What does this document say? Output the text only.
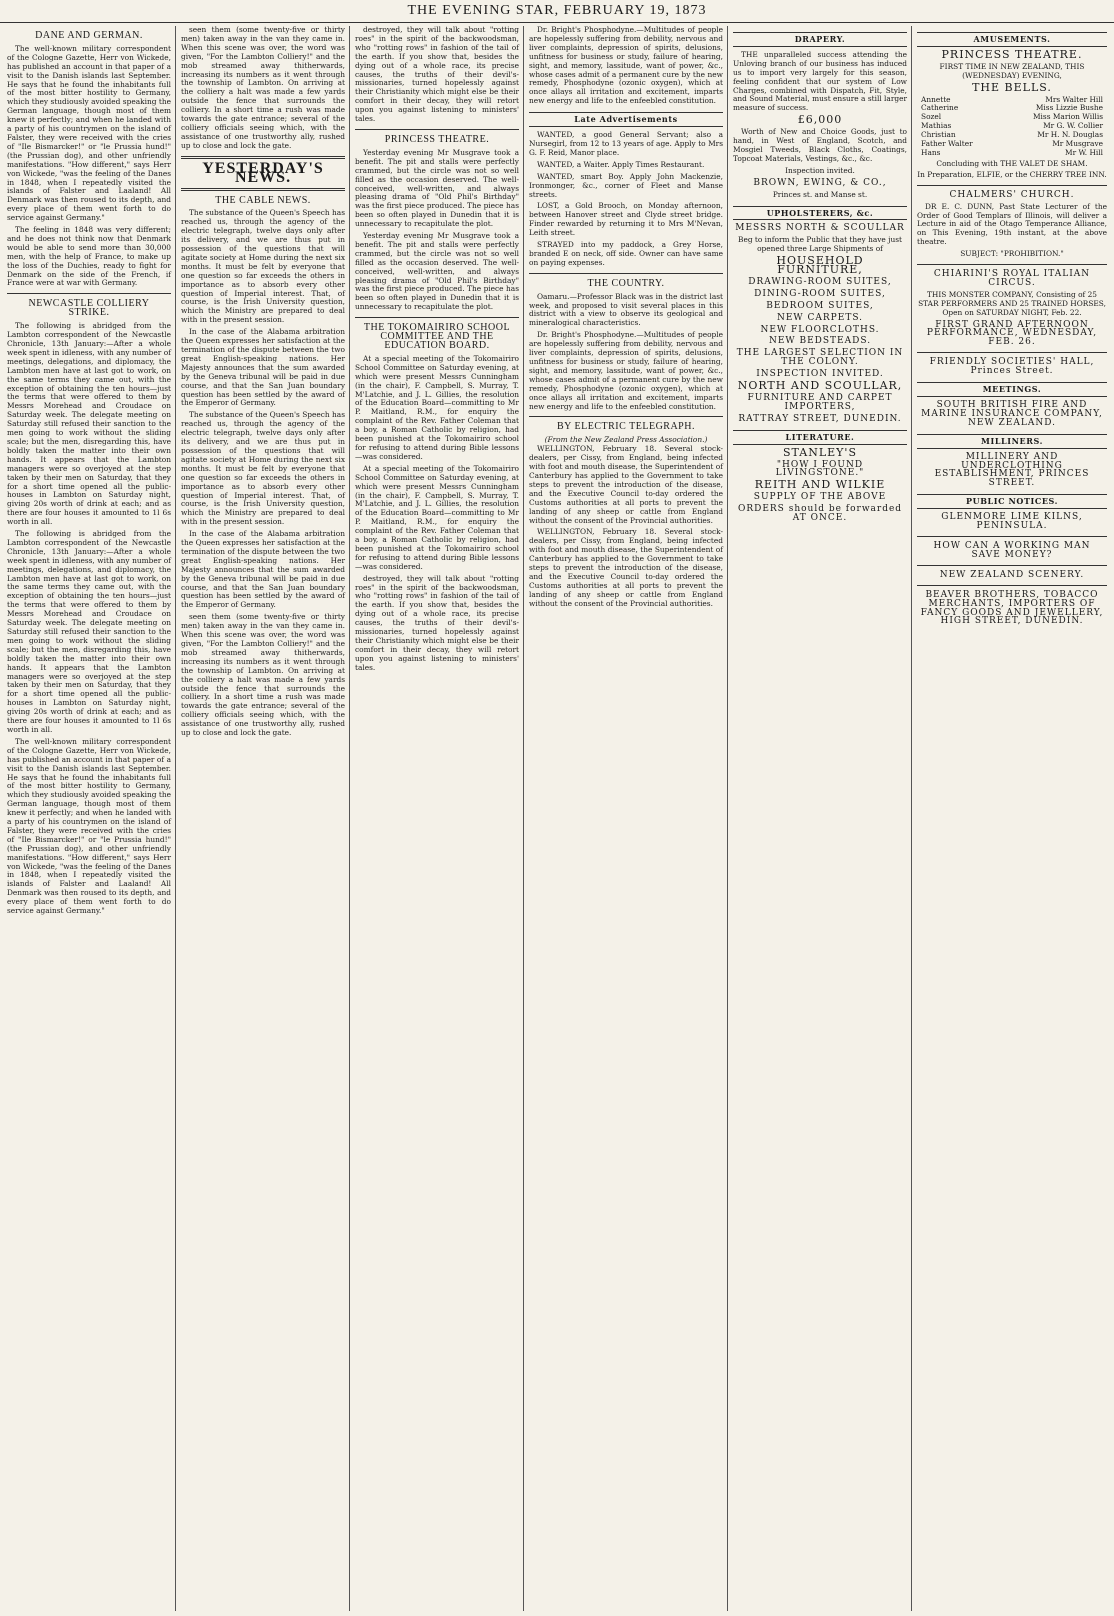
THE EVENING STAR, FEBRUARY 19, 1873
DANE AND GERMAN.

The well-known military correspondent of the Cologne Gazette, Herr von Wickede, has published an account in that paper of a visit to the Danish islands last September. He says that he found the inhabitants full of the most bitter hostility to Germany, which they studiously avoided speaking the German language, though most of them knew it perfectly; and when he landed with a party of his countrymen on the island of Falster, they were received with the cries of "Ile Bismarcker!" or "le Prussia hund!" (the Prussian dog), and other unfriendly manifestations. "How different," says Herr von Wickede, "was the feeling of the Danes in 1848, when I repeatedly visited the islands of Falster and Laaland! All Denmark was then roused to its depth, and every place of them went forth to do service against Germany."

The feeling in 1848 was very different; and he does not think now that Denmark would be able to send more than 30,000 men, with the help of France, to make up the loss of the Duchies, ready to fight for Denmark on the side of the French, if France were at war with Germany.

NEWCASTLE COLLIERY STRIKE.

The following is abridged from the Lambton correspondent of the Newcastle Chronicle, 13th January:—After a whole week spent in idleness, with any number of meetings, delegations, and diplomacy, the Lambton men have at last got to work, on the same terms they came out, with the exception of obtaining the ten hours—just the terms that were offered to them by Messrs Morehead and Croudace on Saturday week. The delegate meeting on Saturday still refused their sanction to the men going to work without the sliding scale; but the men, disregarding this, have boldly taken the matter into their own hands. It appears that the Lambton managers were so overjoyed at the step taken by their men on Saturday, that they for a short time opened all the public-houses in Lambton on Saturday night, giving 20s worth of drink at each; and as there are four houses it amounted to 1l 6s worth in all.

The following is abridged from the Lambton correspondent of the Newcastle Chronicle, 13th January:—After a whole week spent in idleness, with any number of meetings, delegations, and diplomacy, the Lambton men have at last got to work, on the same terms they came out, with the exception of obtaining the ten hours—just the terms that were offered to them by Messrs Morehead and Croudace on Saturday week. The delegate meeting on Saturday still refused their sanction to the men going to work without the sliding scale; but the men, disregarding this, have boldly taken the matter into their own hands. It appears that the Lambton managers were so overjoyed at the step taken by their men on Saturday, that they for a short time opened all the public-houses in Lambton on Saturday night, giving 20s worth of drink at each; and as there are four houses it amounted to 1l 6s worth in all.

The well-known military correspondent of the Cologne Gazette, Herr von Wickede, has published an account in that paper of a visit to the Danish islands last September. He says that he found the inhabitants full of the most bitter hostility to Germany, which they studiously avoided speaking the German language, though most of them knew it perfectly; and when he landed with a party of his countrymen on the island of Falster, they were received with the cries of "Ile Bismarcker!" or "le Prussia hund!" (the Prussian dog), and other unfriendly manifestations. "How different," says Herr von Wickede, "was the feeling of the Danes in 1848, when I repeatedly visited the islands of Falster and Laaland! All Denmark was then roused to its depth, and every place of them went forth to do service against Germany."

seen them (some twenty-five or thirty men) taken away in the van they came in. When this scene was over, the word was given, "For the Lambton Colliery!" and the mob streamed away thitherwards, increasing its numbers as it went through the township of Lambton. On arriving at the colliery a halt was made a few yards outside the fence that surrounds the colliery. In a short time a rush was made towards the gate entrance; several of the colliery officials seeing which, with the assistance of one trustworthy ally, rushed up to close and lock the gate.

YESTERDAY'S NEWS.
THE CABLE NEWS.

The substance of the Queen's Speech has reached us, through the agency of the electric telegraph, twelve days only after its delivery, and we are thus put in possession of the questions that will agitate society at Home during the next six months. It must be felt by everyone that one question so far exceeds the others in importance as to absorb every other question of Imperial interest. That, of course, is the Irish University question, which the Ministry are prepared to deal with in the present session.

In the case of the Alabama arbitration the Queen expresses her satisfaction at the termination of the dispute between the two great English-speaking nations. Her Majesty announces that the sum awarded by the Geneva tribunal will be paid in due course, and that the San Juan boundary question has been settled by the award of the Emperor of Germany.

The substance of the Queen's Speech has reached us, through the agency of the electric telegraph, twelve days only after its delivery, and we are thus put in possession of the questions that will agitate society at Home during the next six months. It must be felt by everyone that one question so far exceeds the others in importance as to absorb every other question of Imperial interest. That, of course, is the Irish University question, which the Ministry are prepared to deal with in the present session.

In the case of the Alabama arbitration the Queen expresses her satisfaction at the termination of the dispute between the two great English-speaking nations. Her Majesty announces that the sum awarded by the Geneva tribunal will be paid in due course, and that the San Juan boundary question has been settled by the award of the Emperor of Germany.

seen them (some twenty-five or thirty men) taken away in the van they came in. When this scene was over, the word was given, "For the Lambton Colliery!" and the mob streamed away thitherwards, increasing its numbers as it went through the township of Lambton. On arriving at the colliery a halt was made a few yards outside the fence that surrounds the colliery. In a short time a rush was made towards the gate entrance; several of the colliery officials seeing which, with the assistance of one trustworthy ally, rushed up to close and lock the gate.

destroyed, they will talk about "rotting roes" in the spirit of the backwoodsman, who "rotting rows" in fashion of the tail of the earth. If you show that, besides the dying out of a whole race, its precise causes, the truths of their devil's-missionaries, turned hopelessly against their Christianity which might else be their comfort in their decay, they will retort upon you against listening to ministers' tales.

PRINCESS THEATRE.

Yesterday evening Mr Musgrave took a benefit. The pit and stalls were perfectly crammed, but the circle was not so well filled as the occasion deserved. The well-conceived, well-written, and always pleasing drama of "Old Phil's Birthday" was the first piece produced. The piece has been so often played in Dunedin that it is unnecessary to recapitulate the plot.

Yesterday evening Mr Musgrave took a benefit. The pit and stalls were perfectly crammed, but the circle was not so well filled as the occasion deserved. The well-conceived, well-written, and always pleasing drama of "Old Phil's Birthday" was the first piece produced. The piece has been so often played in Dunedin that it is unnecessary to recapitulate the plot.

THE TOKOMAIRIRO SCHOOL COMMITTEE AND THE EDUCATION BOARD.

At a special meeting of the Tokomairiro School Committee on Saturday evening, at which were present Messrs Cunningham (in the chair), F. Campbell, S. Murray, T. M'Latchie, and J. L. Gillies, the resolution of the Education Board—committing to Mr P. Maitland, R.M., for enquiry the complaint of the Rev. Father Coleman that a boy, a Roman Catholic by religion, had been punished at the Tokomairiro school for refusing to attend during Bible lessons—was considered.

At a special meeting of the Tokomairiro School Committee on Saturday evening, at which were present Messrs Cunningham (in the chair), F. Campbell, S. Murray, T. M'Latchie, and J. L. Gillies, the resolution of the Education Board—committing to Mr P. Maitland, R.M., for enquiry the complaint of the Rev. Father Coleman that a boy, a Roman Catholic by religion, had been punished at the Tokomairiro school for refusing to attend during Bible lessons—was considered.

destroyed, they will talk about "rotting roes" in the spirit of the backwoodsman, who "rotting rows" in fashion of the tail of the earth. If you show that, besides the dying out of a whole race, its precise causes, the truths of their devil's-missionaries, turned hopelessly against their Christianity which might else be their comfort in their decay, they will retort upon you against listening to ministers' tales.

Dr. Bright's Phosphodyne.—Multitudes of people are hopelessly suffering from debility, nervous and liver complaints, depression of spirits, delusions, unfitness for business or study, failure of hearing, sight, and memory, lassitude, want of power, &c., whose cases admit of a permanent cure by the new remedy, Phosphodyne (ozonic oxygen), which at once allays all irritation and excitement, imparts new energy and life to the enfeebled constitution.

Late Advertisements

WANTED, a good General Servant; also a Nursegirl, from 12 to 13 years of age. Apply to Mrs G. F. Reid, Manor place.

WANTED, a Waiter. Apply Times Restaurant.

WANTED, smart Boy. Apply John Mackenzie, Ironmonger, &c., corner of Fleet and Manse streets.

LOST, a Gold Brooch, on Monday afternoon, between Hanover street and Clyde street bridge. Finder rewarded by returning it to Mrs M'Nevan, Leith street.

STRAYED into my paddock, a Grey Horse, branded E on neck, off side. Owner can have same on paying expenses.

THE COUNTRY.

Oamaru.—Professor Black was in the district last week, and proposed to visit several places in this district with a view to observe its geological and mineralogical characteristics.

Dr. Bright's Phosphodyne.—Multitudes of people are hopelessly suffering from debility, nervous and liver complaints, depression of spirits, delusions, unfitness for business or study, failure of hearing, sight, and memory, lassitude, want of power, &c., whose cases admit of a permanent cure by the new remedy, Phosphodyne (ozonic oxygen), which at once allays all irritation and excitement, imparts new energy and life to the enfeebled constitution.

BY ELECTRIC TELEGRAPH.
(From the New Zealand Press Association.)

WELLINGTON, February 18. Several stock-dealers, per Cissy, from England, being infected with foot and mouth disease, the Superintendent of Canterbury has applied to the Government to take steps to prevent the introduction of the disease, and the Executive Council to-day ordered the Customs authorities at all ports to prevent the landing of any sheep or cattle from England without the consent of the Provincial authorities.

WELLINGTON, February 18. Several stock-dealers, per Cissy, from England, being infected with foot and mouth disease, the Superintendent of Canterbury has applied to the Government to take steps to prevent the introduction of the disease, and the Executive Council to-day ordered the Customs authorities at all ports to prevent the landing of any sheep or cattle from England without the consent of the Provincial authorities.

DRAPERY.

THE unparalleled success attending the Unloving branch of our business has induced us to import very largely for this season, feeling confident that our system of Low Charges, combined with Dispatch, Fit, Style, and Sound Material, must ensure a still larger measure of success.

£6,000

Worth of New and Choice Goods, just to hand, in West of England, Scotch, and Mosgiel Tweeds, Black Cloths, Coatings, Topcoat Materials, Vestings, &c., &c.

Inspection invited.
BROWN, EWING, & CO.,
Princes st. and Manse st.
UPHOLSTERERS, &c.
MESSRS NORTH & SCOULLAR
Beg to inform the Public that they have just opened three Large Shipments of
HOUSEHOLD FURNITURE,
DRAWING-ROOM SUITES,
DINING-ROOM SUITES,
BEDROOM SUITES,
NEW CARPETS.
NEW FLOORCLOTHS.
NEW BEDSTEADS.
THE LARGEST SELECTION IN THE COLONY.
INSPECTION INVITED.
NORTH AND SCOULLAR,
FURNITURE AND CARPET IMPORTERS,
RATTRAY STREET, DUNEDIN.
LITERATURE.
STANLEY'S
"HOW I FOUND LIVINGSTONE."
REITH AND WILKIE
SUPPLY OF THE ABOVE
ORDERS should be forwarded AT ONCE.
AMUSEMENTS.
PRINCESS THEATRE.
FIRST TIME IN NEW ZEALAND, THIS (WEDNESDAY) EVENING,
THE BELLS.
Annette	Mrs Walter Hill
Catherine	Miss Lizzie Bushe
Sozel	Miss Marion Willis
Mathias	Mr G. W. Collier
Christian	Mr H. N. Douglas
Father Walter	Mr Musgrave
Hans	Mr W. Hill
Concluding with THE VALET DE SHAM.
In Preparation, ELFIE, or the CHERRY TREE INN.
CHALMERS' CHURCH.

DR E. C. DUNN, Past State Lecturer of the Order of Good Templars of Illinois, will deliver a Lecture in aid of the Otago Temperance Alliance, on This Evening, 19th instant, at the above theatre.

SUBJECT: "PROHIBITION."
CHIARINI'S ROYAL ITALIAN CIRCUS.
THIS MONSTER COMPANY, Consisting of 25 STAR PERFORMERS AND 25 TRAINED HORSES, Open on SATURDAY NIGHT, Feb. 22.
FIRST GRAND AFTERNOON PERFORMANCE, WEDNESDAY, FEB. 26.
FRIENDLY SOCIETIES' HALL, Princes Street.
MEETINGS.
SOUTH BRITISH FIRE AND MARINE INSURANCE COMPANY, NEW ZEALAND.
MILLINERS.
MILLINERY AND UNDERCLOTHING ESTABLISHMENT, PRINCES STREET.
PUBLIC NOTICES.
GLENMORE LIME KILNS, PENINSULA.
HOW CAN A WORKING MAN SAVE MONEY?
NEW ZEALAND SCENERY.
BEAVER BROTHERS, TOBACCO MERCHANTS, IMPORTERS OF FANCY GOODS AND JEWELLERY, HIGH STREET, DUNEDIN.
